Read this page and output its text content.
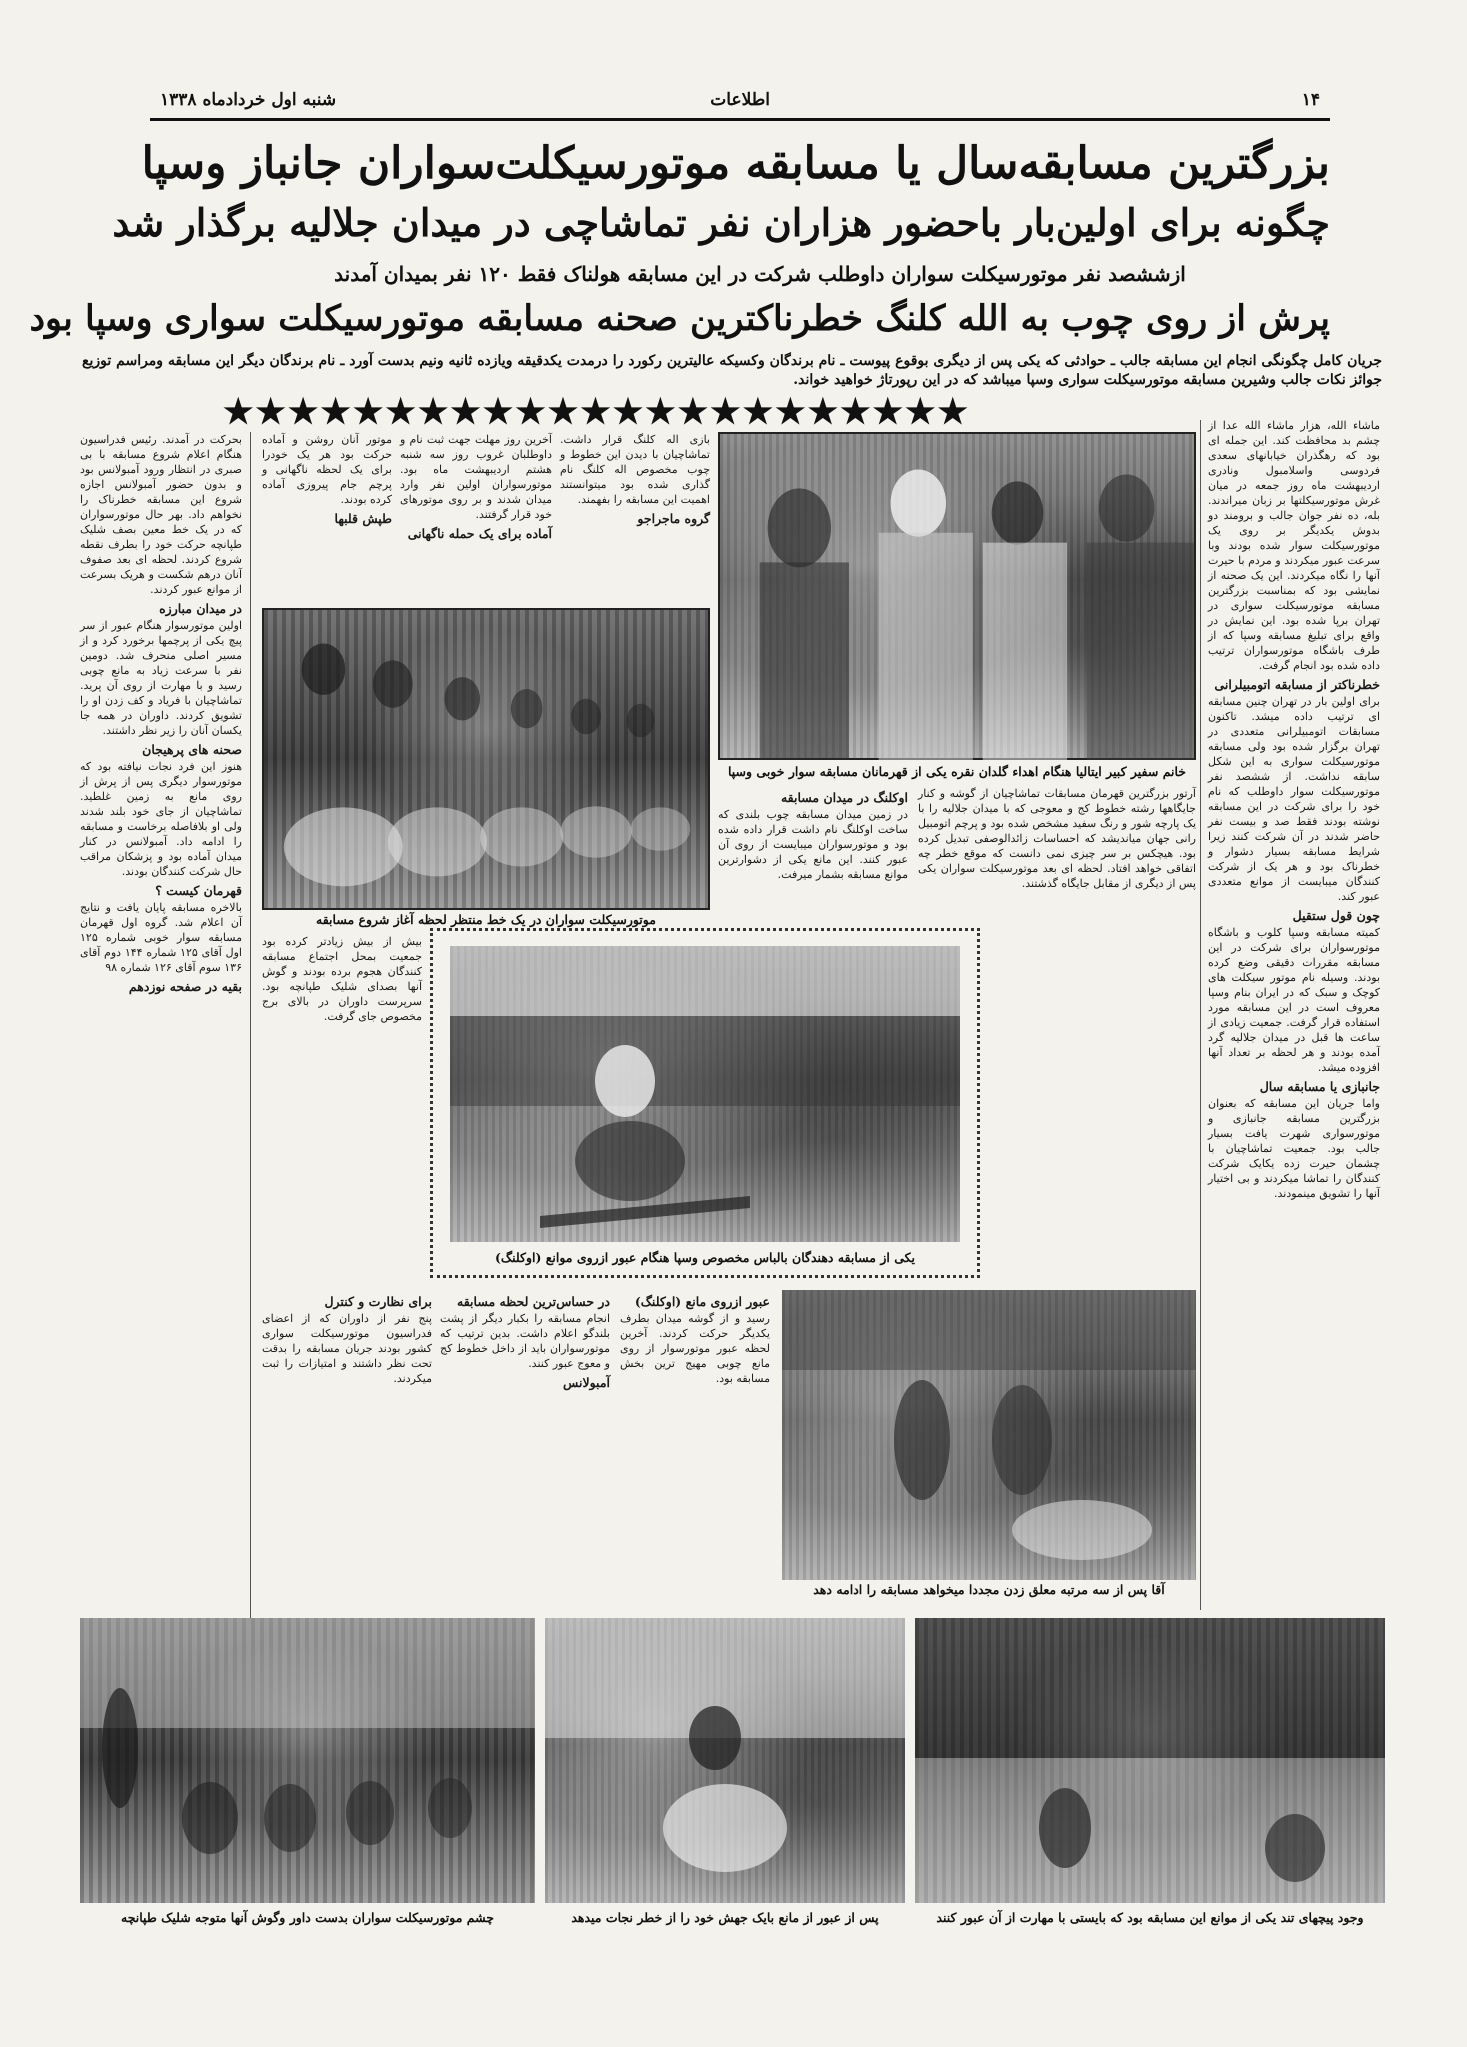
۱۴
اطلاعات
شنبه اول خردادماه ۱۳۳۸
بزرگترین مسابقه‌سال یا مسابقه موتورسیکلت‌سواران جانباز وسپا
چگونه برای اولین‌بار باحضور هزاران نفر تماشاچی در میدان جلالیه برگذار شد
ازششصد نفر موتورسیکلت سواران داوطلب شرکت در این مسابقه هولناک فقط ۱۲۰ نفر بمیدان آمدند
پرش از روی چوب به الله کلنگ خطرناکترین صحنه مسابقه موتورسیکلت سواری وسپا بود
جریان کامل چگونگی انجام این مسابقه جالب ـ حوادثی که یکی پس از دیگری بوقوع پیوست ـ نام برندگان وکسیکه عالیترین رکورد را درمدت یکدقیقه ویازده ثانیه ونیم بدست آورد ـ نام برندگان دیگر این مسابقه ومراسم توزیع جوائز نکات جالب وشیرین مسابقه موتورسیکلت سواری وسپا میباشد که در این رپورتاژ خواهید خواند.
★★★★★★★★★★★★★★★★★★★★★★★	ماشاء الله، هزار ماشاء الله عدا از چشم بد محافظت کند. این جمله ای بود که رهگذران خیابانهای سعدی فردوسی واسلامبول ونادری اردیبهشت ماه روز جمعه در میان غرش موتورسیکلتها بر زبان میراندند. بله، ده نفر جوان جالب و برومند دو بدوش یکدیگر بر روی یک موتورسیکلت سوار شده بودند وبا سرعت عبور میکردند و مردم با حیرت آنها را نگاه میکردند. این یک صحنه از نمایشی بود که بمناسبت بزرگترین مسابقه موتورسیکلت سواری در تهران برپا شده بود. این نمایش در واقع برای تبلیغ مسابقه وسپا که از طرف باشگاه موتورسواران ترتیب داده شده بود انجام گرفت.
خطرناکتر از مسابقه اتومبیلرانی
برای اولین بار در تهران چنین مسابقه ای ترتیب داده میشد. تاکنون مسابقات اتومبیلرانی متعددی در تهران برگزار شده بود ولی مسابقه موتورسیکلت سواری به این شکل سابقه نداشت. از ششصد نفر موتورسیکلت سوار داوطلب که نام خود را برای شرکت در این مسابقه نوشته بودند فقط صد و بیست نفر حاضر شدند در آن شرکت کنند زیرا شرایط مسابقه بسیار دشوار و خطرناک بود و هر یک از شرکت کنندگان میبایست از موانع متعددی عبور کند.
چون قول ستقیل
کمیته مسابقه وسپا کلوب و باشگاه موتورسواران برای شرکت در این مسابقه مقررات دقیقی وضع کرده بودند. وسیله نام موتور سیکلت های کوچک و سبک که در ایران بنام وسپا معروف است در این مسابقه مورد استفاده قرار گرفت. جمعیت زیادی از ساعت ها قبل در میدان جلالیه گرد آمده بودند و هر لحظه بر تعداد آنها افزوده میشد.
جانبازی یا مسابقه سال
واما جریان این مسابقه که بعنوان بزرگترین مسابقه جانبازی و موتورسواری شهرت یافت بسیار جالب بود. جمعیت تماشاچیان با چشمان حیرت زده یکایک شرکت کنندگان را تماشا میکردند و بی اختیار آنها را تشویق مینمودند.
خانم سفیر کبیر ایتالیا هنگام اهداء گلدان نقره یکی از قهرمانان مسابقه سوار خوبی وسپا
آرتور بزرگترین قهرمان مسابقات تماشاچیان از گوشه و کنار جایگاهها رشته خطوط کج و معوجی که با میدان جلالیه را با یک پارچه شور و رنگ سفید مشخص شده بود و پرچم اتومبیل رانی جهان میاندیشد که احساسات زائدالوصفی تبدیل کرده بود. هیچکس بر سر چیزی نمی دانست که موقع خطر چه اتفاقی خواهد افتاد. لحظه ای بعد موتورسیکلت سواران یکی پس از دیگری از مقابل جایگاه گذشتند.
اوکلنگ در میدان مسابقه
در زمین میدان مسابقه چوب بلندی که ساخت اوکلنگ نام داشت قرار داده شده بود و موتورسواران میبایست از روی آن عبور کنند. این مانع یکی از دشوارترین موانع مسابقه بشمار میرفت.
بازی اله کلنگ قرار داشت. تماشاچیان با دیدن این خطوط و چوب مخصوص اله کلنگ نام گذاری شده بود میتوانستند اهمیت این مسابقه را بفهمند.
گروه ماجراجو
آخرین روز مهلت جهت ثبت نام و داوطلبان غروب روز سه شنبه هشتم اردیبهشت ماه بود. موتورسواران اولین نفر وارد میدان شدند و بر روی موتورهای خود قرار گرفتند.
آماده برای یک حمله ناگهانی
موتور آنان روشن و آماده حرکت بود هر یک خودرا برای یک لحظه ناگهانی و پرچم جام پیروزی آماده کرده بودند.
طپش قلبها
بحرکت در آمدند. رئیس فدراسیون هنگام اعلام شروع مسابقه با بی صبری در انتظار ورود آمبولانس بود و بدون حضور آمبولانس اجازه شروع این مسابقه خطرناک را نخواهم داد. بهر حال موتورسواران که در یک خط معین بصف شلیک طپانچه حرکت خود را بطرف نقطه شروع کردند. لحظه ای بعد صفوف آنان درهم شکست و هریک بسرعت از موانع عبور کردند.
در میدان مبارزه
اولین موتورسوار هنگام عبور از سر پیچ یکی از پرچمها برخورد کرد و از مسیر اصلی منحرف شد. دومین نفر با سرعت زیاد به مانع چوبی رسید و با مهارت از روی آن پرید. تماشاچیان با فریاد و کف زدن او را تشویق کردند. داوران در همه جا یکسان آنان را زیر نظر داشتند.
صحنه های پرهیجان
هنوز این فرد نجات نیافته بود که موتورسوار دیگری پس از پرش از روی مانع به زمین غلطید. تماشاچیان از جای خود بلند شدند ولی او بلافاصله برخاست و مسابقه را ادامه داد. آمبولانس در کنار میدان آماده بود و پزشکان مراقب حال شرکت کنندگان بودند.
قهرمان کیست ؟
بالاخره مسابقه پایان یافت و نتایج آن اعلام شد. گروه اول قهرمان مسابقه سوار خوبی شماره ۱۲۵ اول آقای ۱۲۵ شماره ۱۴۴ دوم آقای ۱۳۶ سوم آقای ۱۲۶ شماره ۹۸
بقیه در صفحه نوزدهم
موتورسیکلت سواران در یک خط منتظر لحظه آغاز شروع مسابقه
بیش از بیش زیادتر کرده بود جمعیت بمحل اجتماع مسابقه کنندگان هجوم برده بودند و گوش آنها بصدای شلیک طپانچه بود. سرپرست داوران در بالای برج مخصوص جای گرفت.
یکی از مسابقه دهندگان بالباس مخصوص وسپا هنگام عبور ازروی موانع (اوکلنگ)
عبور ازروی مانع (اوکلنگ)
رسید و از گوشه میدان بطرف یکدیگر حرکت کردند. آخرین لحظه عبور موتورسوار از روی مانع چوبی مهیج ترین بخش مسابقه بود.
در حساس‌ترین لحظه مسابقه
انجام مسابقه را بکبار دیگر از پشت بلندگو اعلام داشت. بدین ترتیب که موتورسواران باید از داخل خطوط کج و معوج عبور کنند.
آمبولانس
برای نظارت و کنترل
پنج نفر از داوران که از اعضای فدراسیون موتورسیکلت سواری کشور بودند جریان مسابقه را بدقت تحت نظر داشتند و امتیازات را ثبت میکردند.
آقا پس از سه مرتبه معلق زدن مجددا میخواهد مسابقه را ادامه دهد
وجود پیچهای تند یکی از موانع این مسابقه بود که بایستی با مهارت از آن عبور کنند
پس از عبور از مانع بایک جهش خود را از خطر نجات میدهد
چشم موتورسیکلت سواران بدست داور وگوش آنها متوجه شلیک طپانچه
